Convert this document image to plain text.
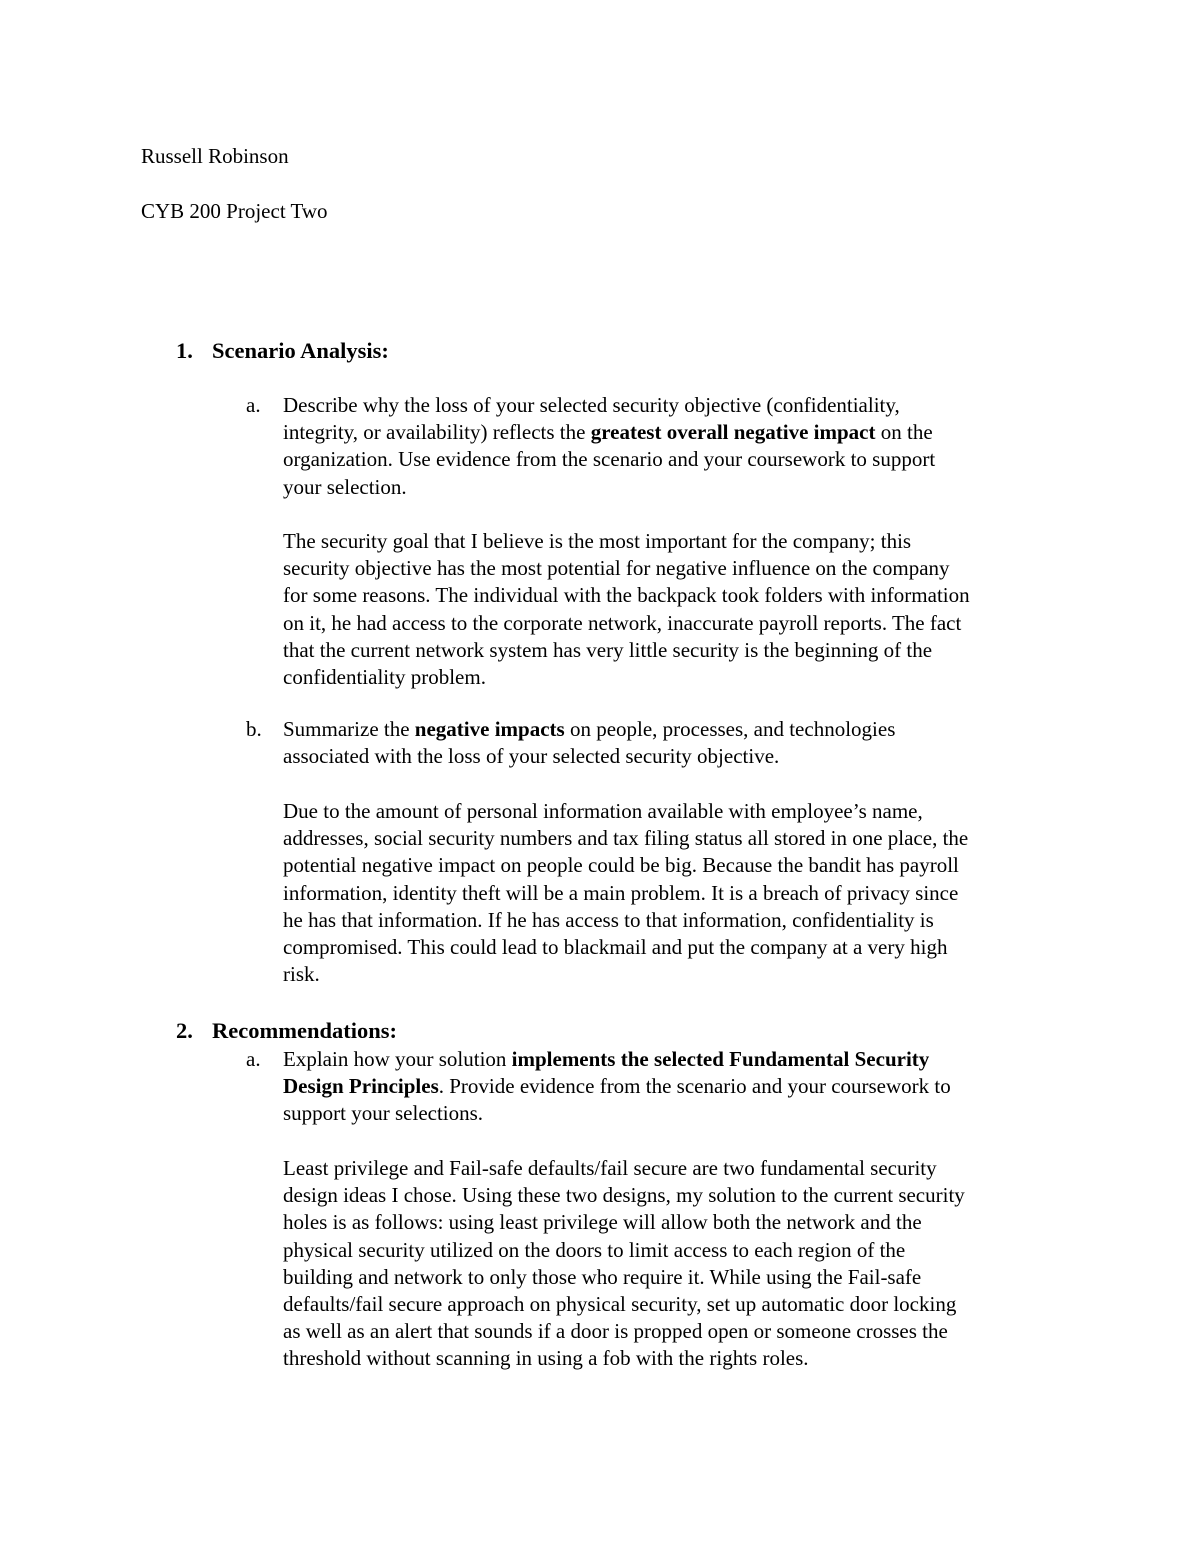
Russell Robinson
CYB 200 Project Two
1. Scenario Analysis:
a. Describe why the loss of your selected security objective (confidentiality,
integrity, or availability) reflects the greatest overall negative impact on the
organization. Use evidence from the scenario and your coursework to support
your selection.
The security goal that I believe is the most important for the company; this
security objective has the most potential for negative influence on the company
for some reasons. The individual with the backpack took folders with information
on it, he had access to the corporate network, inaccurate payroll reports. The fact
that the current network system has very little security is the beginning of the
confidentiality problem.
b. Summarize the negative impacts on people, processes, and technologies
associated with the loss of your selected security objective.
Due to the amount of personal information available with employee’s name,
addresses, social security numbers and tax filing status all stored in one place, the
potential negative impact on people could be big. Because the bandit has payroll
information, identity theft will be a main problem. It is a breach of privacy since
he has that information. If he has access to that information, confidentiality is
compromised. This could lead to blackmail and put the company at a very high
risk.
2. Recommendations:
a. Explain how your solution implements the selected Fundamental Security
Design Principles. Provide evidence from the scenario and your coursework to
support your selections.
Least privilege and Fail-safe defaults/fail secure are two fundamental security
design ideas I chose. Using these two designs, my solution to the current security
holes is as follows: using least privilege will allow both the network and the
physical security utilized on the doors to limit access to each region of the
building and network to only those who require it. While using the Fail-safe
defaults/fail secure approach on physical security, set up automatic door locking
as well as an alert that sounds if a door is propped open or someone crosses the
threshold without scanning in using a fob with the rights roles.
